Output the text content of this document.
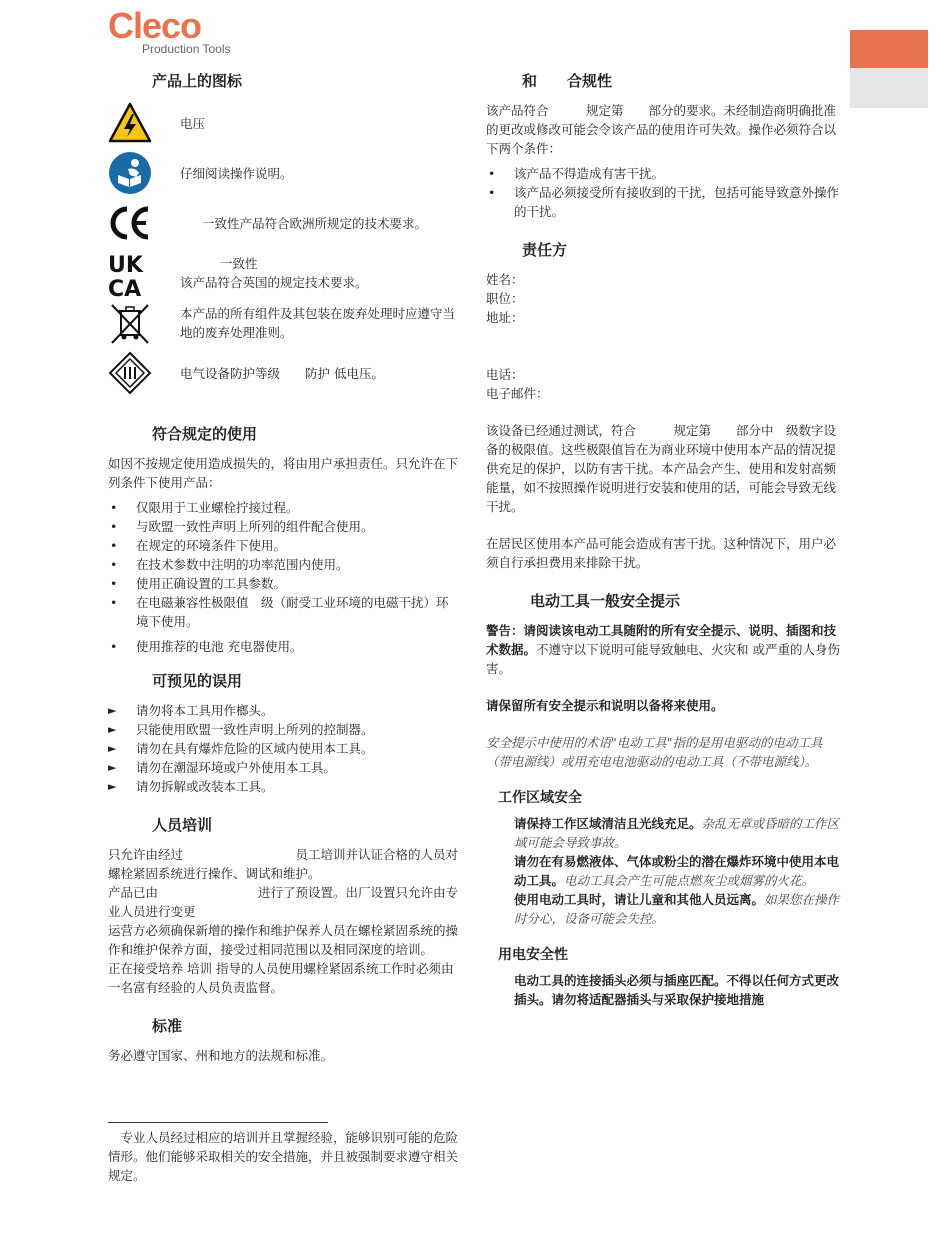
Cleco
Production Tools
产品上的图标
电压
仔细阅读操作说明。
一致性产品符合欧洲所规定的技术要求。
UK
CA
一致性
该产品符合英国的规定技术要求。
本产品的所有组件及其包装在废弃处理时应遵守当地的废弃处理准则。
电气设备防护等级　　防护 低电压。
符合规定的使用

如因不按规定使用造成损失的，将由用户承担责任。只允许在下列条件下使用产品：

• 仅限用于工业螺栓拧接过程。
• 与欧盟一致性声明上所列的组件配合使用。
• 在规定的环境条件下使用。
• 在技术参数中注明的功率范围内使用。
• 使用正确设置的工具参数。
• 在电磁兼容性极限值　级（耐受工业环境的电磁干扰）环境下使用。
• 使用推荐的电池 充电器使用。
可预见的误用
► 请勿将本工具用作榔头。
► 只能使用欧盟一致性声明上所列的控制器。
► 请勿在具有爆炸危险的区域内使用本工具。
► 请勿在潮湿环境或户外使用本工具。
► 请勿拆解或改装本工具。
人员培训

只允许由经过　　　　　　　　　员工培训并认证合格的人员对螺栓紧固系统进行操作、调试和维护。

产品已由　　　　　　　　进行了预设置。出厂设置只允许由专业人员进行变更

运营方必须确保新增的操作和维护保养人员在螺栓紧固系统的操作和维护保养方面，接受过相同范围以及相同深度的培训。

正在接受培养 培训 指导的人员使用螺栓紧固系统工作时必须由一名富有经验的人员负责监督。

标准

务必遵守国家、州和地方的法规和标准。

　专业人员经过相应的培训并且掌握经验，能够识别可能的危险情形。他们能够采取相关的安全措施，并且被强制要求遵守相关规定。
和　　合规性

该产品符合　　　规定第　　部分的要求。未经制造商明确批准的更改或修改可能会令该产品的使用许可失效。操作必须符合以下两个条件：

• 该产品不得造成有害干扰。
• 该产品必须接受所有接收到的干扰，包括可能导致意外操作的干扰。
责任方

姓名：

职位：

地址：

电话：

电子邮件：

该设备已经通过测试，符合　　　规定第　　部分中　级数字设备的极限值。这些极限值旨在为商业环境中使用本产品的情况提供充足的保护，以防有害干扰。本产品会产生、使用和发射高频能量，如不按照操作说明进行安装和使用的话，可能会导致无线干扰。

在居民区使用本产品可能会造成有害干扰。这种情况下，用户必须自行承担费用来排除干扰。

电动工具一般安全提示

警告：请阅读该电动工具随附的所有安全提示、说明、插图和技术数据。不遵守以下说明可能导致触电、火灾和 或严重的人身伤害。

请保留所有安全提示和说明以备将来使用。

安全提示中使用的术语"电动工具"指的是用电驱动的电动工具（带电源线）或用充电电池驱动的电动工具（不带电源线）。

工作区域安全

请保持工作区域清洁且光线充足。杂乱无章或昏暗的工作区域可能会导致事故。

请勿在有易燃液体、气体或粉尘的潜在爆炸环境中使用本电动工具。电动工具会产生可能点燃灰尘或烟雾的火花。

使用电动工具时，请让儿童和其他人员远离。如果您在操作时分心，设备可能会失控。

用电安全性

电动工具的连接插头必须与插座匹配。不得以任何方式更改插头。请勿将适配器插头与采取保护接地措施
